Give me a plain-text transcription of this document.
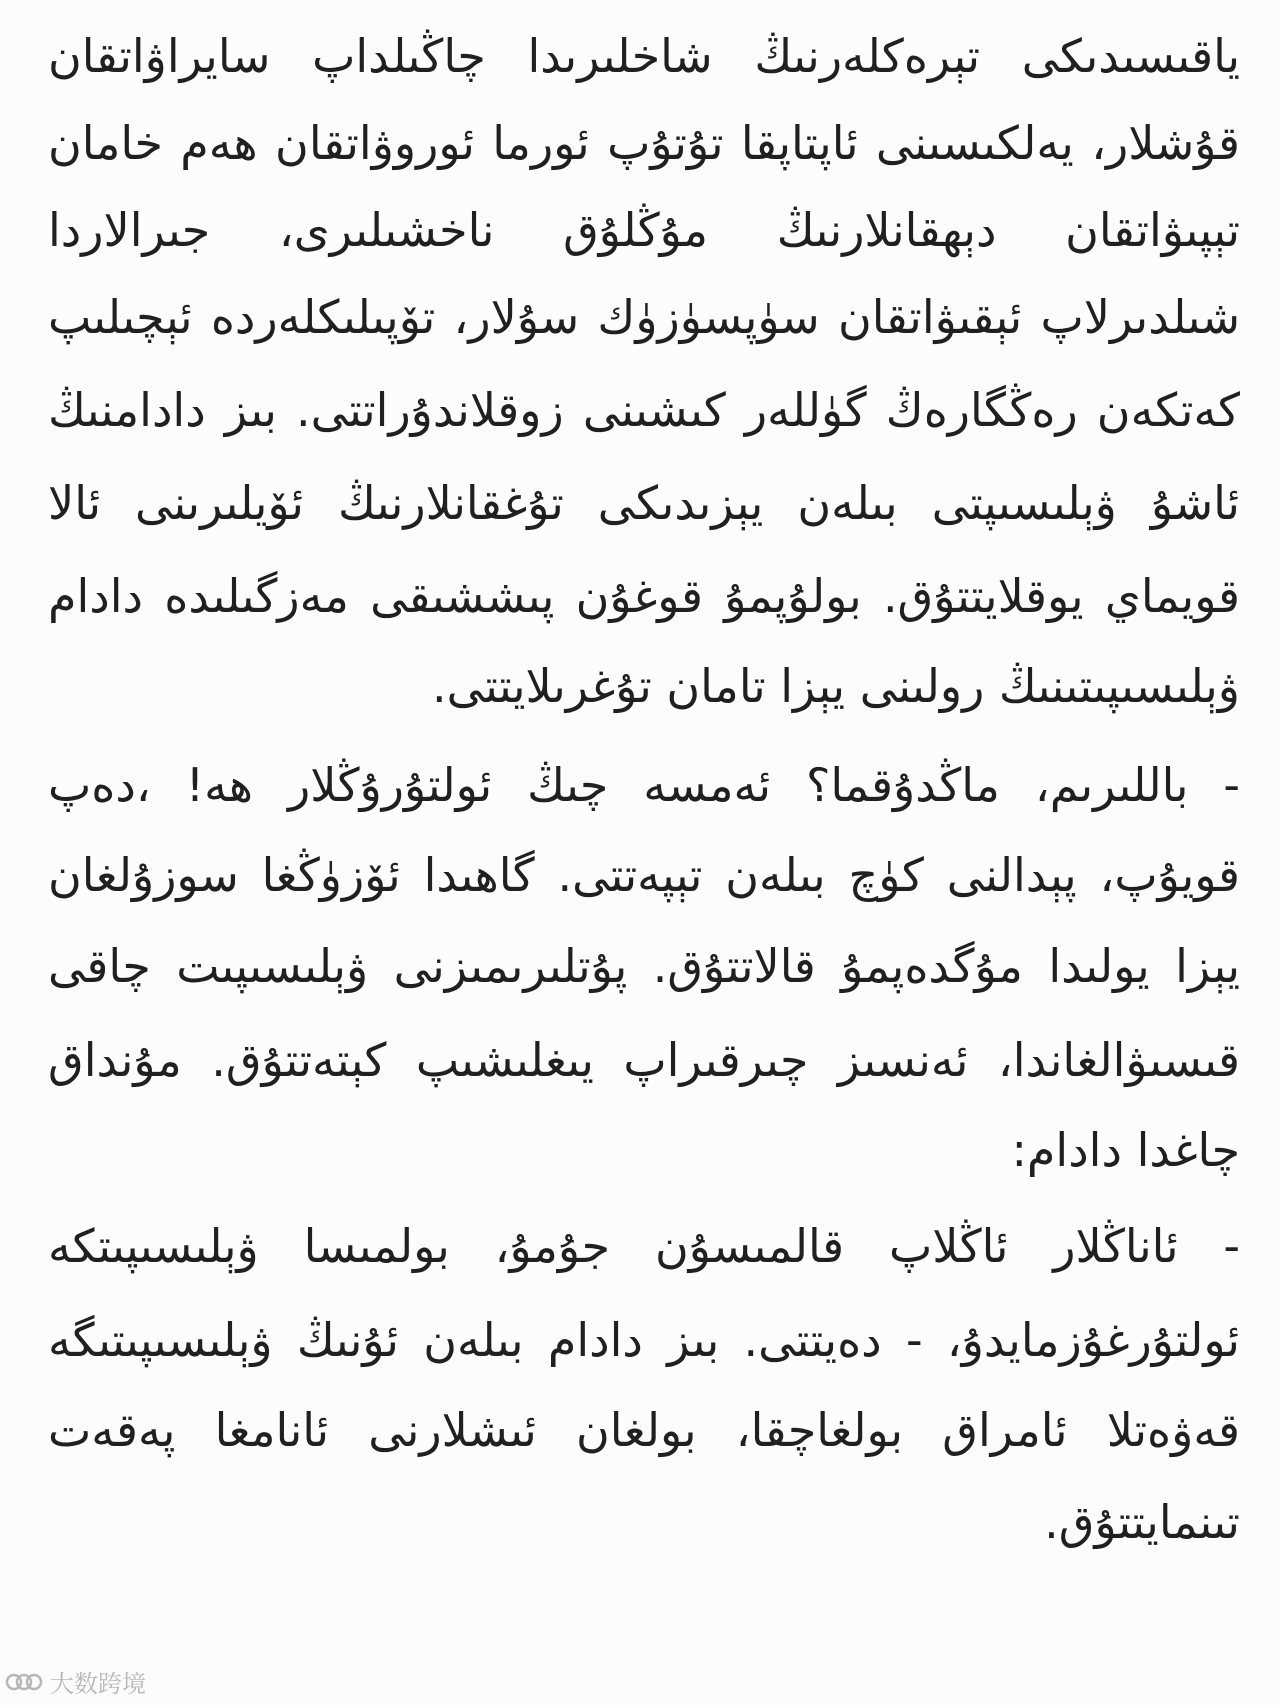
ياقىسىدىكى تېرەكلەرنىڭ شاخلىرىدا چاڭىلداپ سايراۋاتقان
قۇشلار، يەلكىسىنى ئاپتاپقا تۇتۇپ ئورما ئوروۋاتقان ھەم خامان
تېپىۋاتقان دېھقانلارنىڭ مۇڭلۇق ناخشىلىرى، جىرالاردا
شىلدىرلاپ ئېقىۋاتقان سۈپسۈزۈك سۇلار، تۆپىلىكلەردە ئېچىلىپ
كەتكەن رەڭگارەڭ گۈللەر كىشىنى زوقلاندۇراتتى. بىز دادامنىڭ
ئاشۇ ۋېلىسىپتى بىلەن يېزىدىكى تۇغقانلارنىڭ ئۆيلىرىنى ئالا
قويماي يوقلايتتۇق. بولۇپمۇ قوغۇن پىششىقى مەزگىلىدە دادام
ۋېلىسىپىتىنىڭ رولىنى يېزا تامان تۇغرىلايتتى.
- باللىرىم، ماڭدۇقما؟ ئەمسە چىڭ ئولتۇرۇڭلار ھە! ،دەپ
قويۇپ، پېدالنى كۈچ بىلەن تېپەتتى. گاھىدا ئۆزۈڭغا سوزۇلغان
يېزا يولىدا مۇگدەپمۇ قالاتتۇق. پۇتلىرىمىزنى ۋېلىسىپىت چاقى
قىسىۋالغاندا، ئەنسىز چىرقىراپ يىغلىشىپ كېتەتتۇق. مۇنداق
چاغدا دادام:
- ئاناڭلار ئاڭلاپ قالمىسۇن جۇمۇ، بولمىسا ۋېلىسىپىتكە
ئولتۇرغۇزمايدۇ، - دەيتتى. بىز دادام بىلەن ئۇنىڭ ۋېلىسىپىتىگە
قەۋەتلا ئامراق بولغاچقا، بولغان ئىشلارنى ئانامغا پەقەت
تىنمايتتۇق.
大数跨境
